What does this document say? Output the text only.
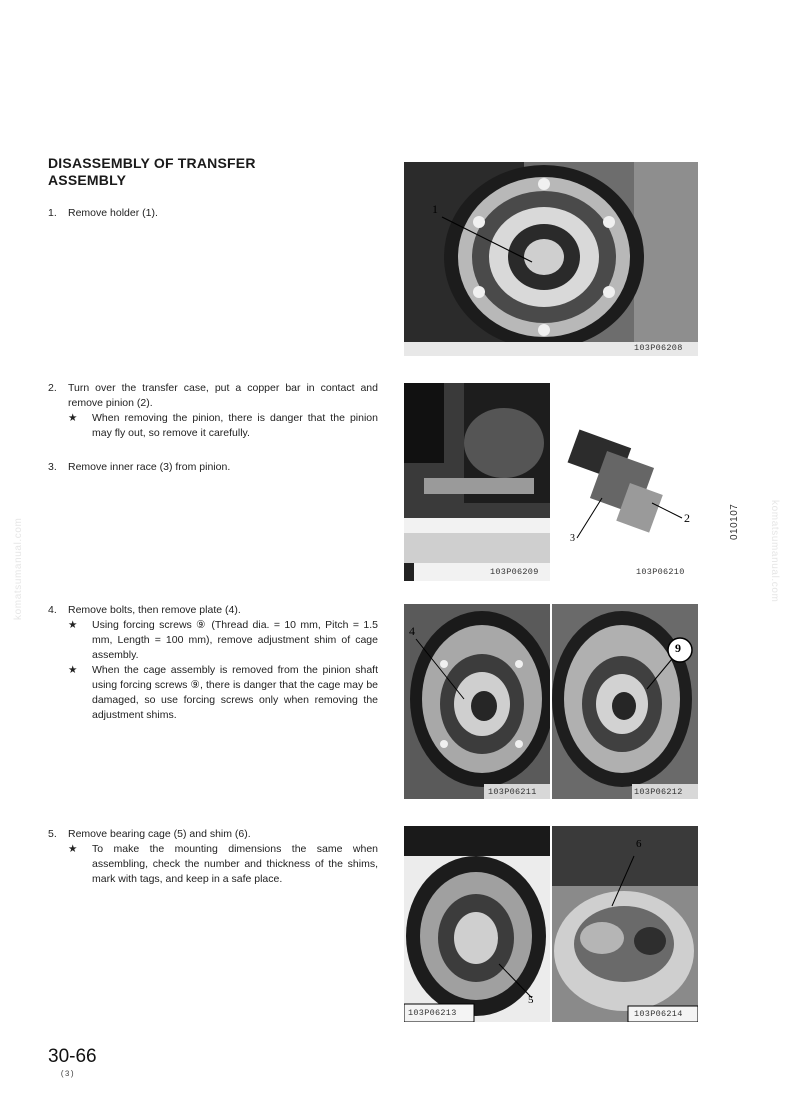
DISASSEMBLY OF TRANSFER
ASSEMBLY
1. Remove holder (1).
2. Turn over the transfer case, put a copper bar in contact and remove pinion (2).
★ When removing the pinion, there is danger that the pinion may fly out, so remove it carefully.
3. Remove inner race (3) from pinion.
4. Remove bolts, then remove plate (4).
★ Using forcing screws ⑨ (Thread dia. = 10 mm, Pitch = 1.5 mm, Length = 100 mm), remove adjustment shim of cage assembly.
★ When the cage assembly is removed from the pinion shaft using forcing screws ⑨, there is danger that the cage may be damaged, so use forcing screws only when removing the adjustment shims.
5. Remove bearing cage (5) and shim (6).
★ To make the mounting dimensions the same when assembling, check the number and thickness of the shims, mark with tags, and keep in a safe place.
1
103P06208
103P06209
3
2
103P06210
4
103P06211
9
103P06212
5
103P06213
6
103P06214
010107
komatsumanual.com	komatsumanual.com
30-66
(3)
